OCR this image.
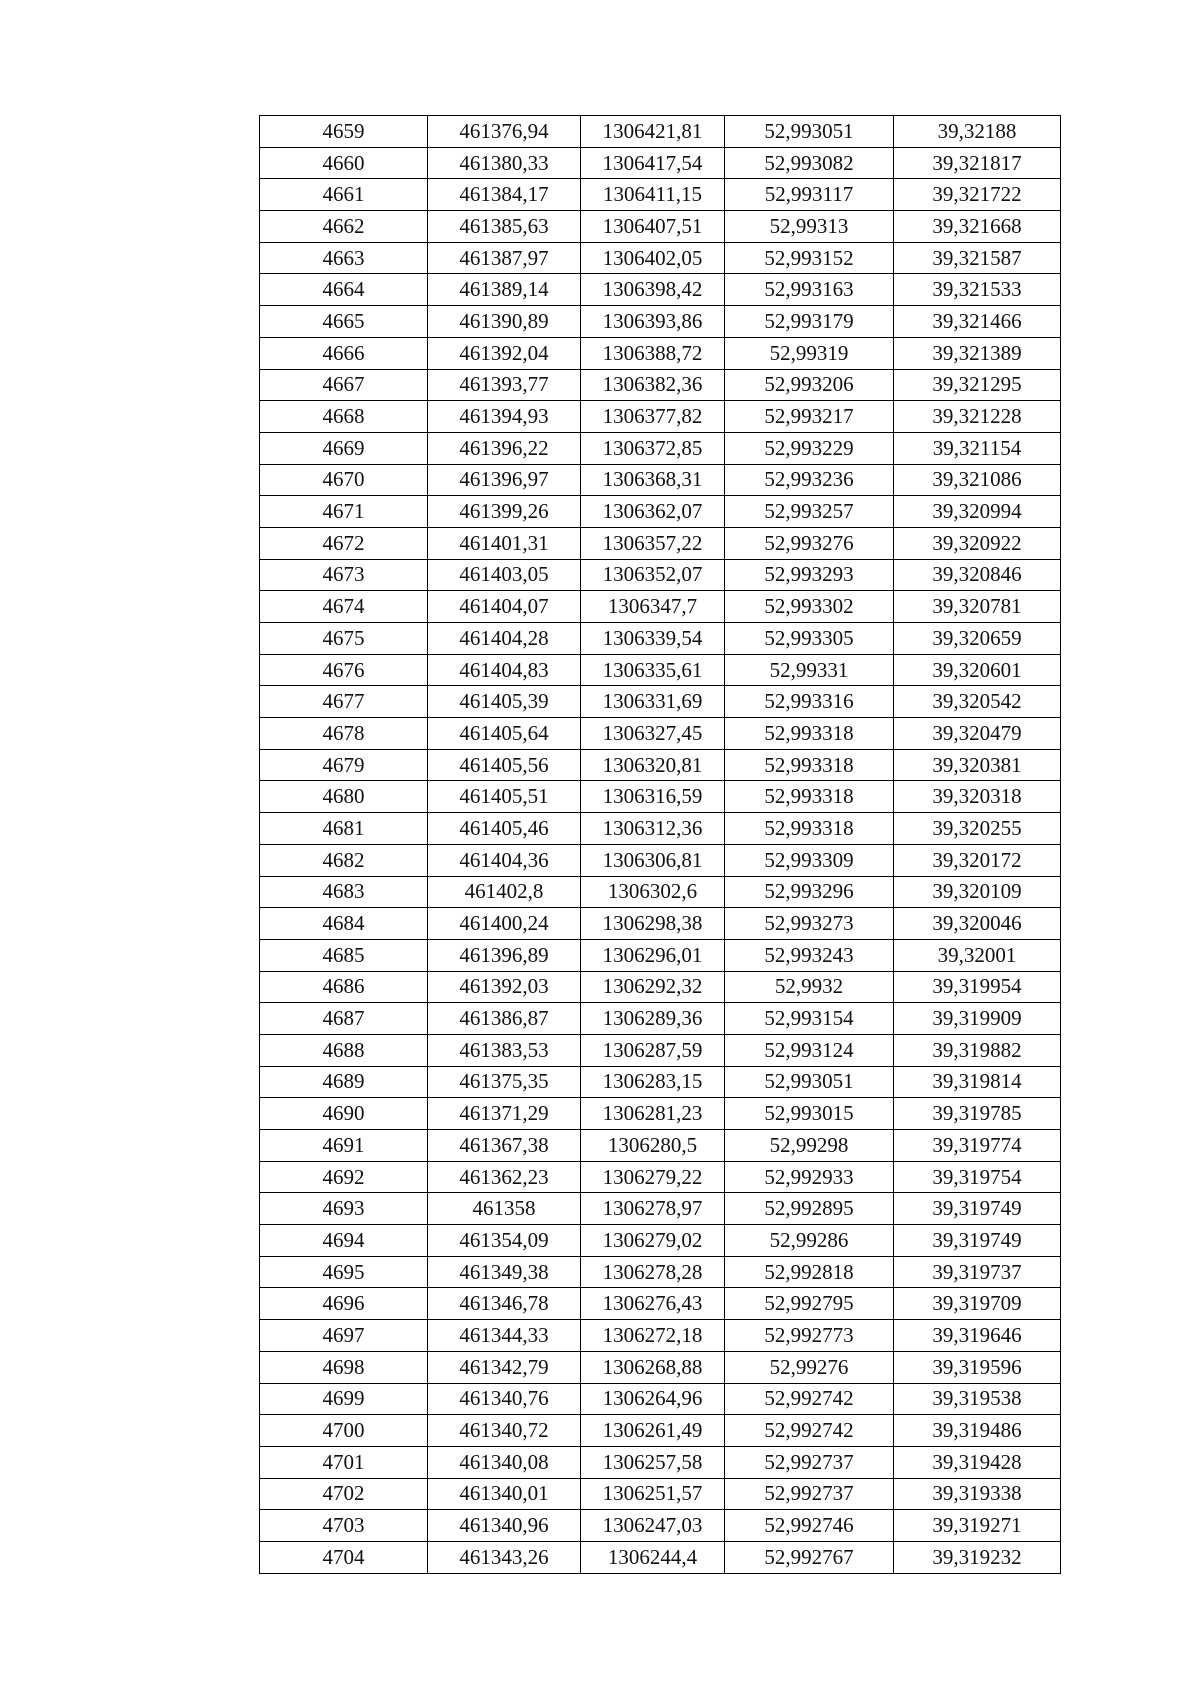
4659	461376,94	1306421,81	52,993051	39,32188
4660	461380,33	1306417,54	52,993082	39,321817
4661	461384,17	1306411,15	52,993117	39,321722
4662	461385,63	1306407,51	52,99313	39,321668
4663	461387,97	1306402,05	52,993152	39,321587
4664	461389,14	1306398,42	52,993163	39,321533
4665	461390,89	1306393,86	52,993179	39,321466
4666	461392,04	1306388,72	52,99319	39,321389
4667	461393,77	1306382,36	52,993206	39,321295
4668	461394,93	1306377,82	52,993217	39,321228
4669	461396,22	1306372,85	52,993229	39,321154
4670	461396,97	1306368,31	52,993236	39,321086
4671	461399,26	1306362,07	52,993257	39,320994
4672	461401,31	1306357,22	52,993276	39,320922
4673	461403,05	1306352,07	52,993293	39,320846
4674	461404,07	1306347,7	52,993302	39,320781
4675	461404,28	1306339,54	52,993305	39,320659
4676	461404,83	1306335,61	52,99331	39,320601
4677	461405,39	1306331,69	52,993316	39,320542
4678	461405,64	1306327,45	52,993318	39,320479
4679	461405,56	1306320,81	52,993318	39,320381
4680	461405,51	1306316,59	52,993318	39,320318
4681	461405,46	1306312,36	52,993318	39,320255
4682	461404,36	1306306,81	52,993309	39,320172
4683	461402,8	1306302,6	52,993296	39,320109
4684	461400,24	1306298,38	52,993273	39,320046
4685	461396,89	1306296,01	52,993243	39,32001
4686	461392,03	1306292,32	52,9932	39,319954
4687	461386,87	1306289,36	52,993154	39,319909
4688	461383,53	1306287,59	52,993124	39,319882
4689	461375,35	1306283,15	52,993051	39,319814
4690	461371,29	1306281,23	52,993015	39,319785
4691	461367,38	1306280,5	52,99298	39,319774
4692	461362,23	1306279,22	52,992933	39,319754
4693	461358	1306278,97	52,992895	39,319749
4694	461354,09	1306279,02	52,99286	39,319749
4695	461349,38	1306278,28	52,992818	39,319737
4696	461346,78	1306276,43	52,992795	39,319709
4697	461344,33	1306272,18	52,992773	39,319646
4698	461342,79	1306268,88	52,99276	39,319596
4699	461340,76	1306264,96	52,992742	39,319538
4700	461340,72	1306261,49	52,992742	39,319486
4701	461340,08	1306257,58	52,992737	39,319428
4702	461340,01	1306251,57	52,992737	39,319338
4703	461340,96	1306247,03	52,992746	39,319271
4704	461343,26	1306244,4	52,992767	39,319232
